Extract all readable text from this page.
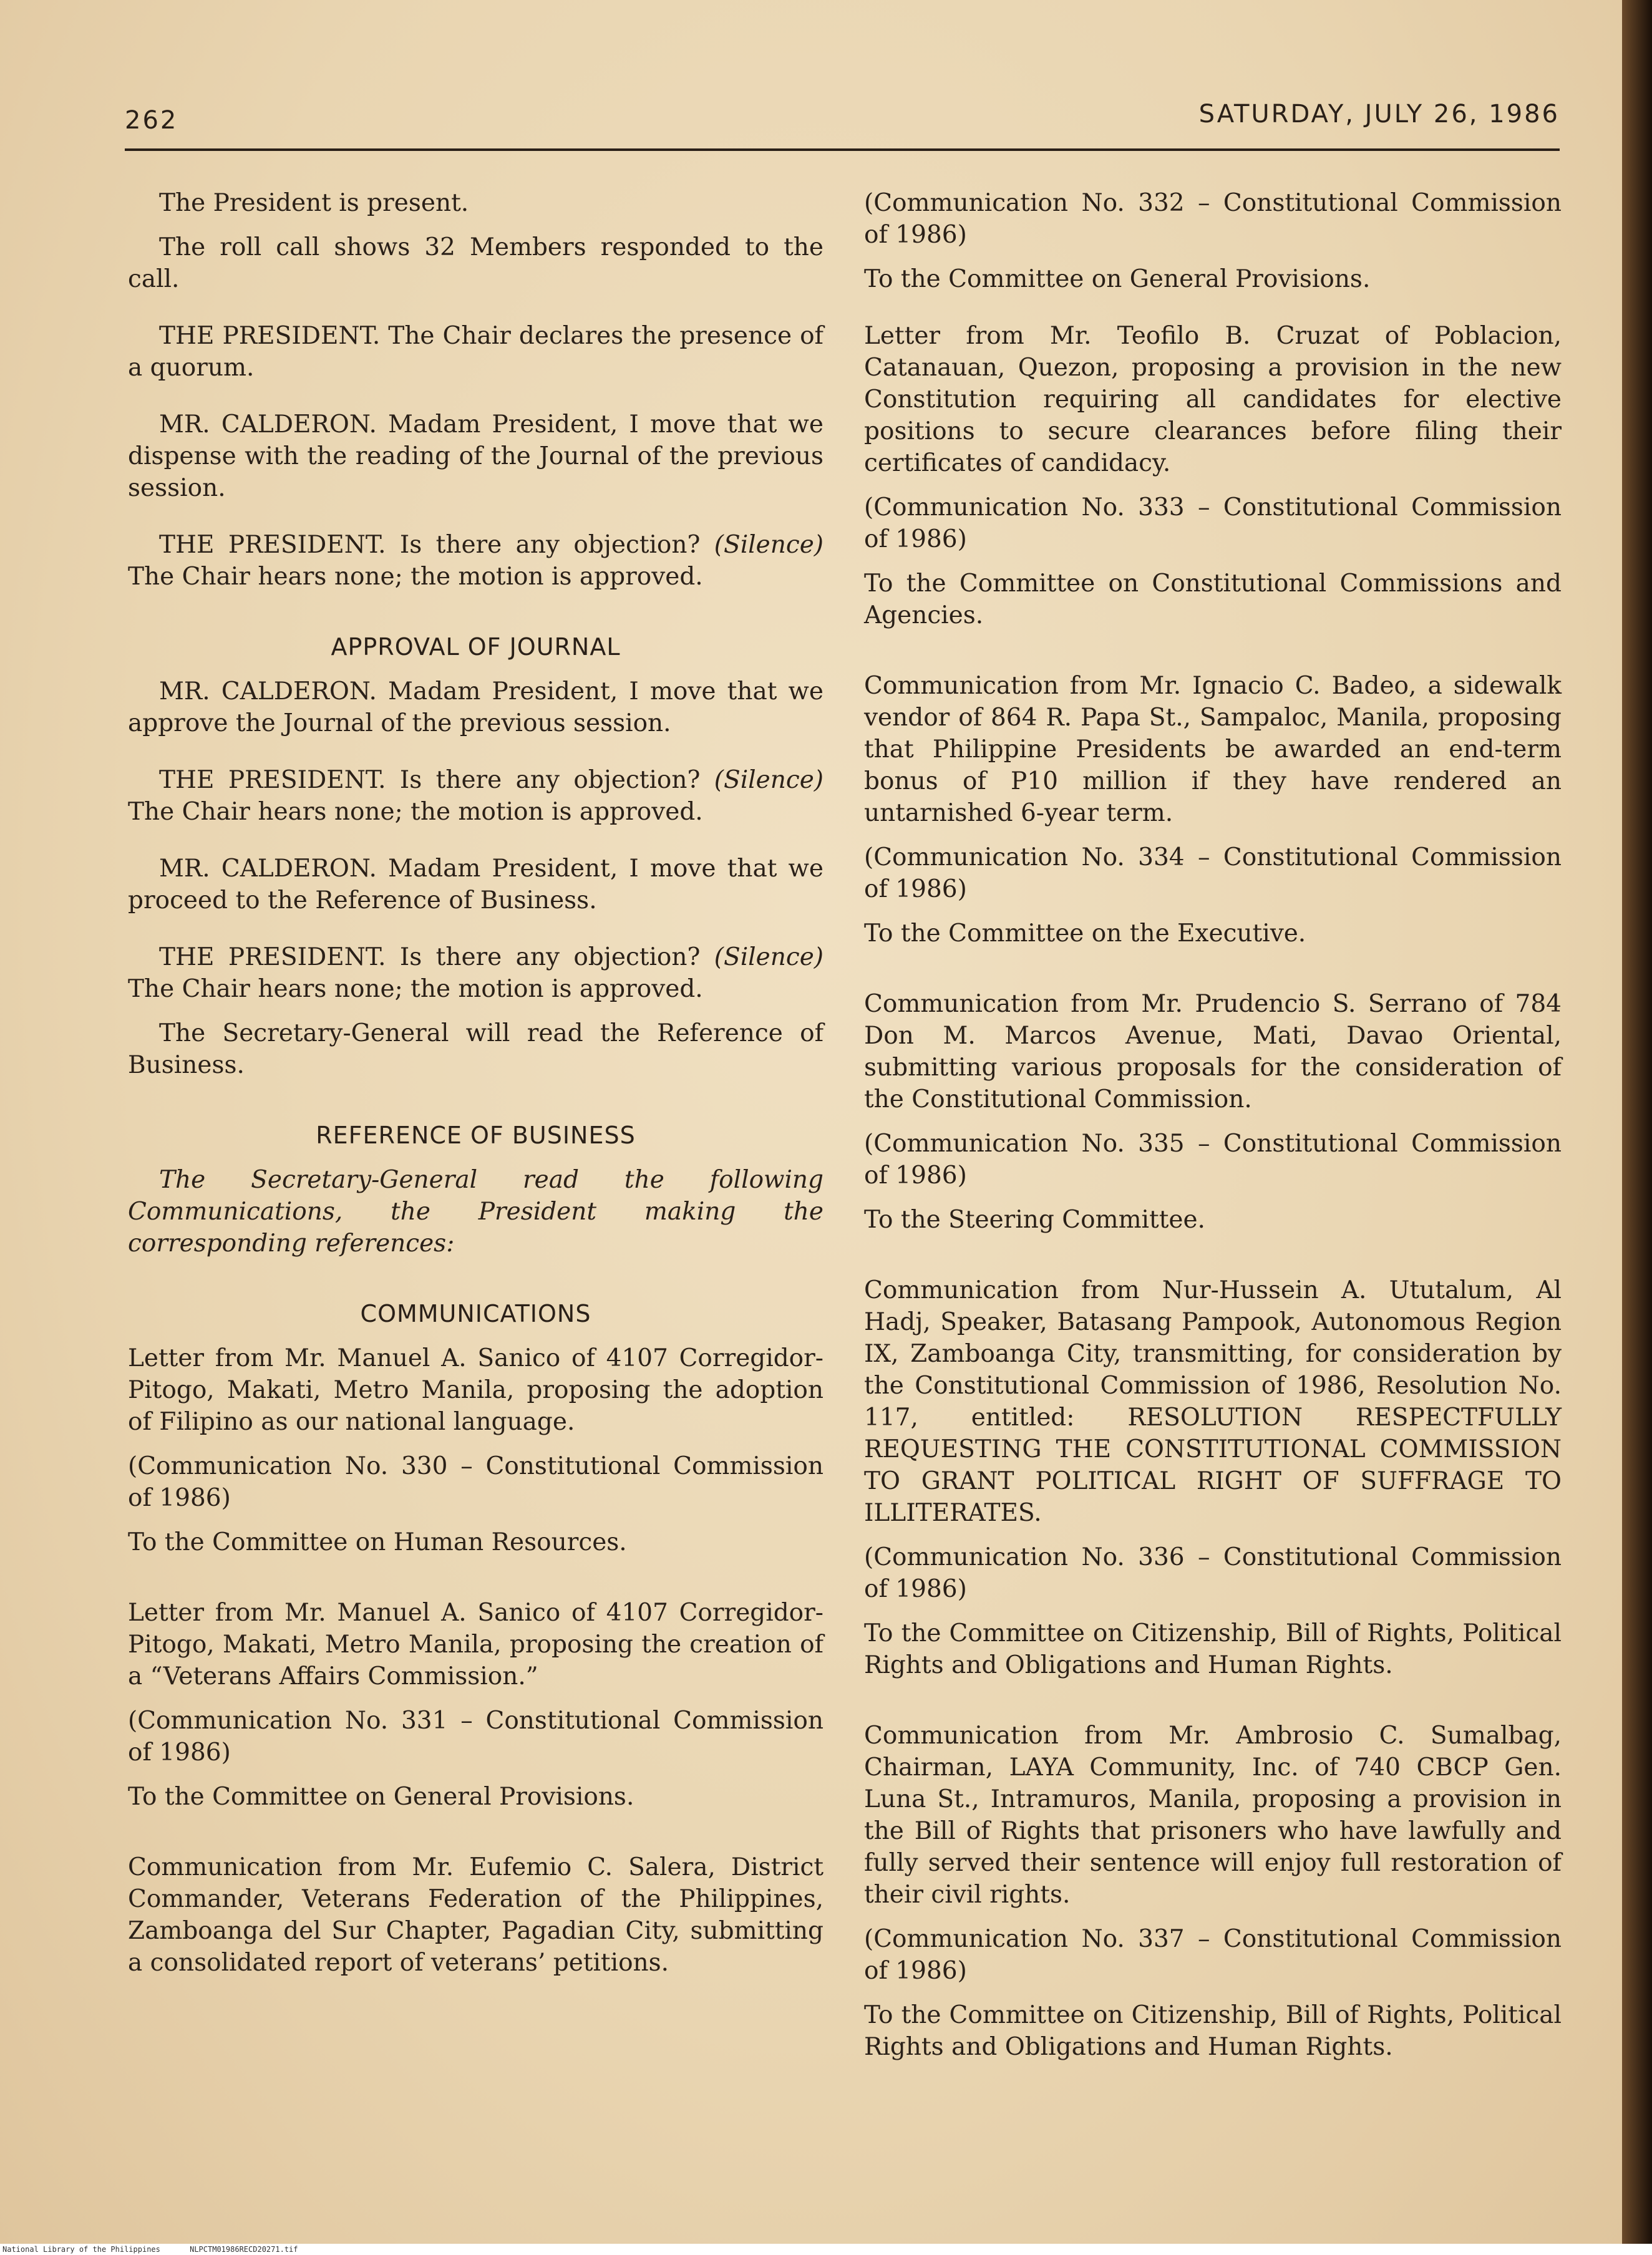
262	SATURDAY, JULY 26, 1986

The President is present.

The roll call shows 32 Members responded to the call.

THE PRESIDENT. The Chair declares the presence of a quorum.

MR. CALDERON. Madam President, I move that we dispense with the reading of the Journal of the previous session.

THE PRESIDENT. Is there any objection? (Silence) The Chair hears none; the motion is approved.

APPROVAL OF JOURNAL

MR. CALDERON. Madam President, I move that we approve the Journal of the previous session.

THE PRESIDENT. Is there any objection? (Silence) The Chair hears none; the motion is approved.

MR. CALDERON. Madam President, I move that we proceed to the Reference of Business.

THE PRESIDENT. Is there any objection? (Silence) The Chair hears none; the motion is approved.

The Secretary-General will read the Reference of Business.

REFERENCE OF BUSINESS

The Secretary-General read the following Communications, the President making the corresponding references:

COMMUNICATIONS

Letter from Mr. Manuel A. Sanico of 4107 Corregidor-Pitogo, Makati, Metro Manila, proposing the adoption of Filipino as our national language.

(Communication No. 330 – Constitutional Commission of 1986)

To the Committee on Human Resources.

Letter from Mr. Manuel A. Sanico of 4107 Corregidor-Pitogo, Makati, Metro Manila, proposing the creation of a “Veterans Affairs Commission.”

(Communication No. 331 – Constitutional Commission of 1986)

To the Committee on General Provisions.

Communication from Mr. Eufemio C. Salera, District Commander, Veterans Federation of the Philippines, Zamboanga del Sur Chapter, Pagadian City, submitting a consolidated report of veterans’ petitions.

(Communication No. 332 – Constitutional Commission of 1986)

To the Committee on General Provisions.

Letter from Mr. Teofilo B. Cruzat of Poblacion, Catanauan, Quezon, proposing a provision in the new Constitution requiring all candidates for elective positions to secure clearances before filing their certificates of candidacy.

(Communication No. 333 – Constitutional Commission of 1986)

To the Committee on Constitutional Commissions and Agencies.

Communication from Mr. Ignacio C. Badeo, a sidewalk vendor of 864 R. Papa St., Sampaloc, Manila, proposing that Philippine Presidents be awarded an end-term bonus of P10 million if they have rendered an untarnished 6-year term.

(Communication No. 334 – Constitutional Commission of 1986)

To the Committee on the Executive.

Communication from Mr. Prudencio S. Serrano of 784 Don M. Marcos Avenue, Mati, Davao Oriental, submitting various proposals for the consideration of the Constitutional Commission.

(Communication No. 335 – Constitutional Commission of 1986)

To the Steering Committee.

Communication from Nur-Hussein A. Ututalum, Al Hadj, Speaker, Batasang Pampook, Autonomous Region IX, Zamboanga City, transmitting, for consideration by the Constitutional Commission of 1986, Resolution No. 117, entitled: RESOLUTION RESPECTFULLY REQUESTING THE CONSTITUTIONAL COMMISSION TO GRANT POLITICAL RIGHT OF SUFFRAGE TO ILLITERATES.

(Communication No. 336 – Constitutional Commission of 1986)

To the Committee on Citizenship, Bill of Rights, Political Rights and Obligations and Human Rights.

Communication from Mr. Ambrosio C. Sumalbag, Chairman, LAYA Community, Inc. of 740 CBCP Gen. Luna St., Intramuros, Manila, proposing a provision in the Bill of Rights that prisoners who have lawfully and fully served their sentence will enjoy full restoration of their civil rights.

(Communication No. 337 – Constitutional Commission of 1986)

To the Committee on Citizenship, Bill of Rights, Political Rights and Obligations and Human Rights.

National Library of the Philippines	NLPCTM01986RECD20271.tif
